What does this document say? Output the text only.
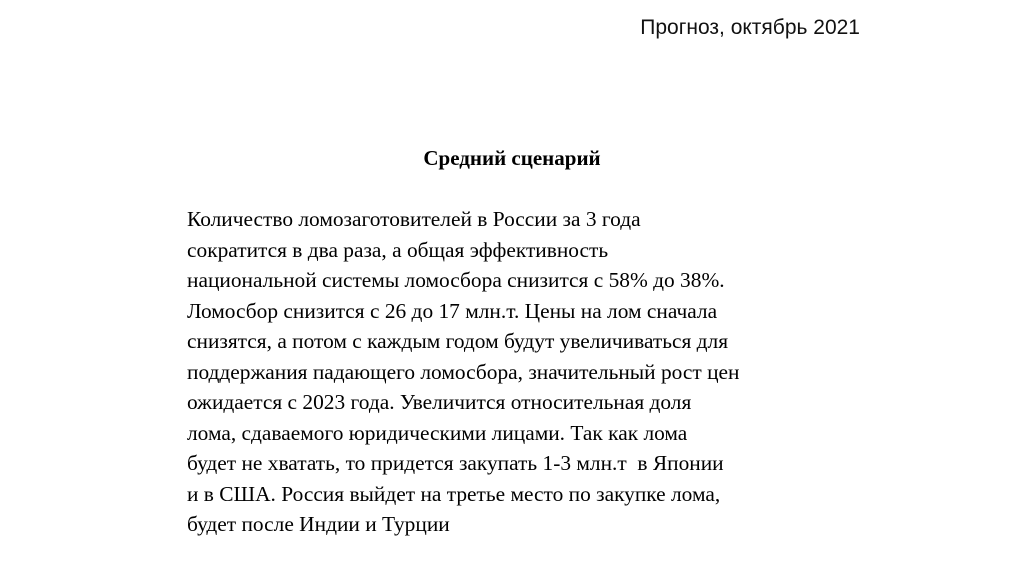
Прогноз, октябрь 2021
Средний сценарий

Количество ломозаготовителей в России за 3 года
сократится в два раза, а общая эффективность
национальной системы ломосбора снизится с 58% до 38%.
Ломосбор снизится с 26 до 17 млн.т. Цены на лом сначала
снизятся, а потом с каждым годом будут увеличиваться для
поддержания падающего ломосбора, значительный рост цен
ожидается с 2023 года. Увеличится относительная доля
лома, сдаваемого юридическими лицами. Так как лома
будет не хватать, то придется закупать 1-3 млн.т  в Японии
и в США. Россия выйдет на третье место по закупке лома,
будет после Индии и Турции
